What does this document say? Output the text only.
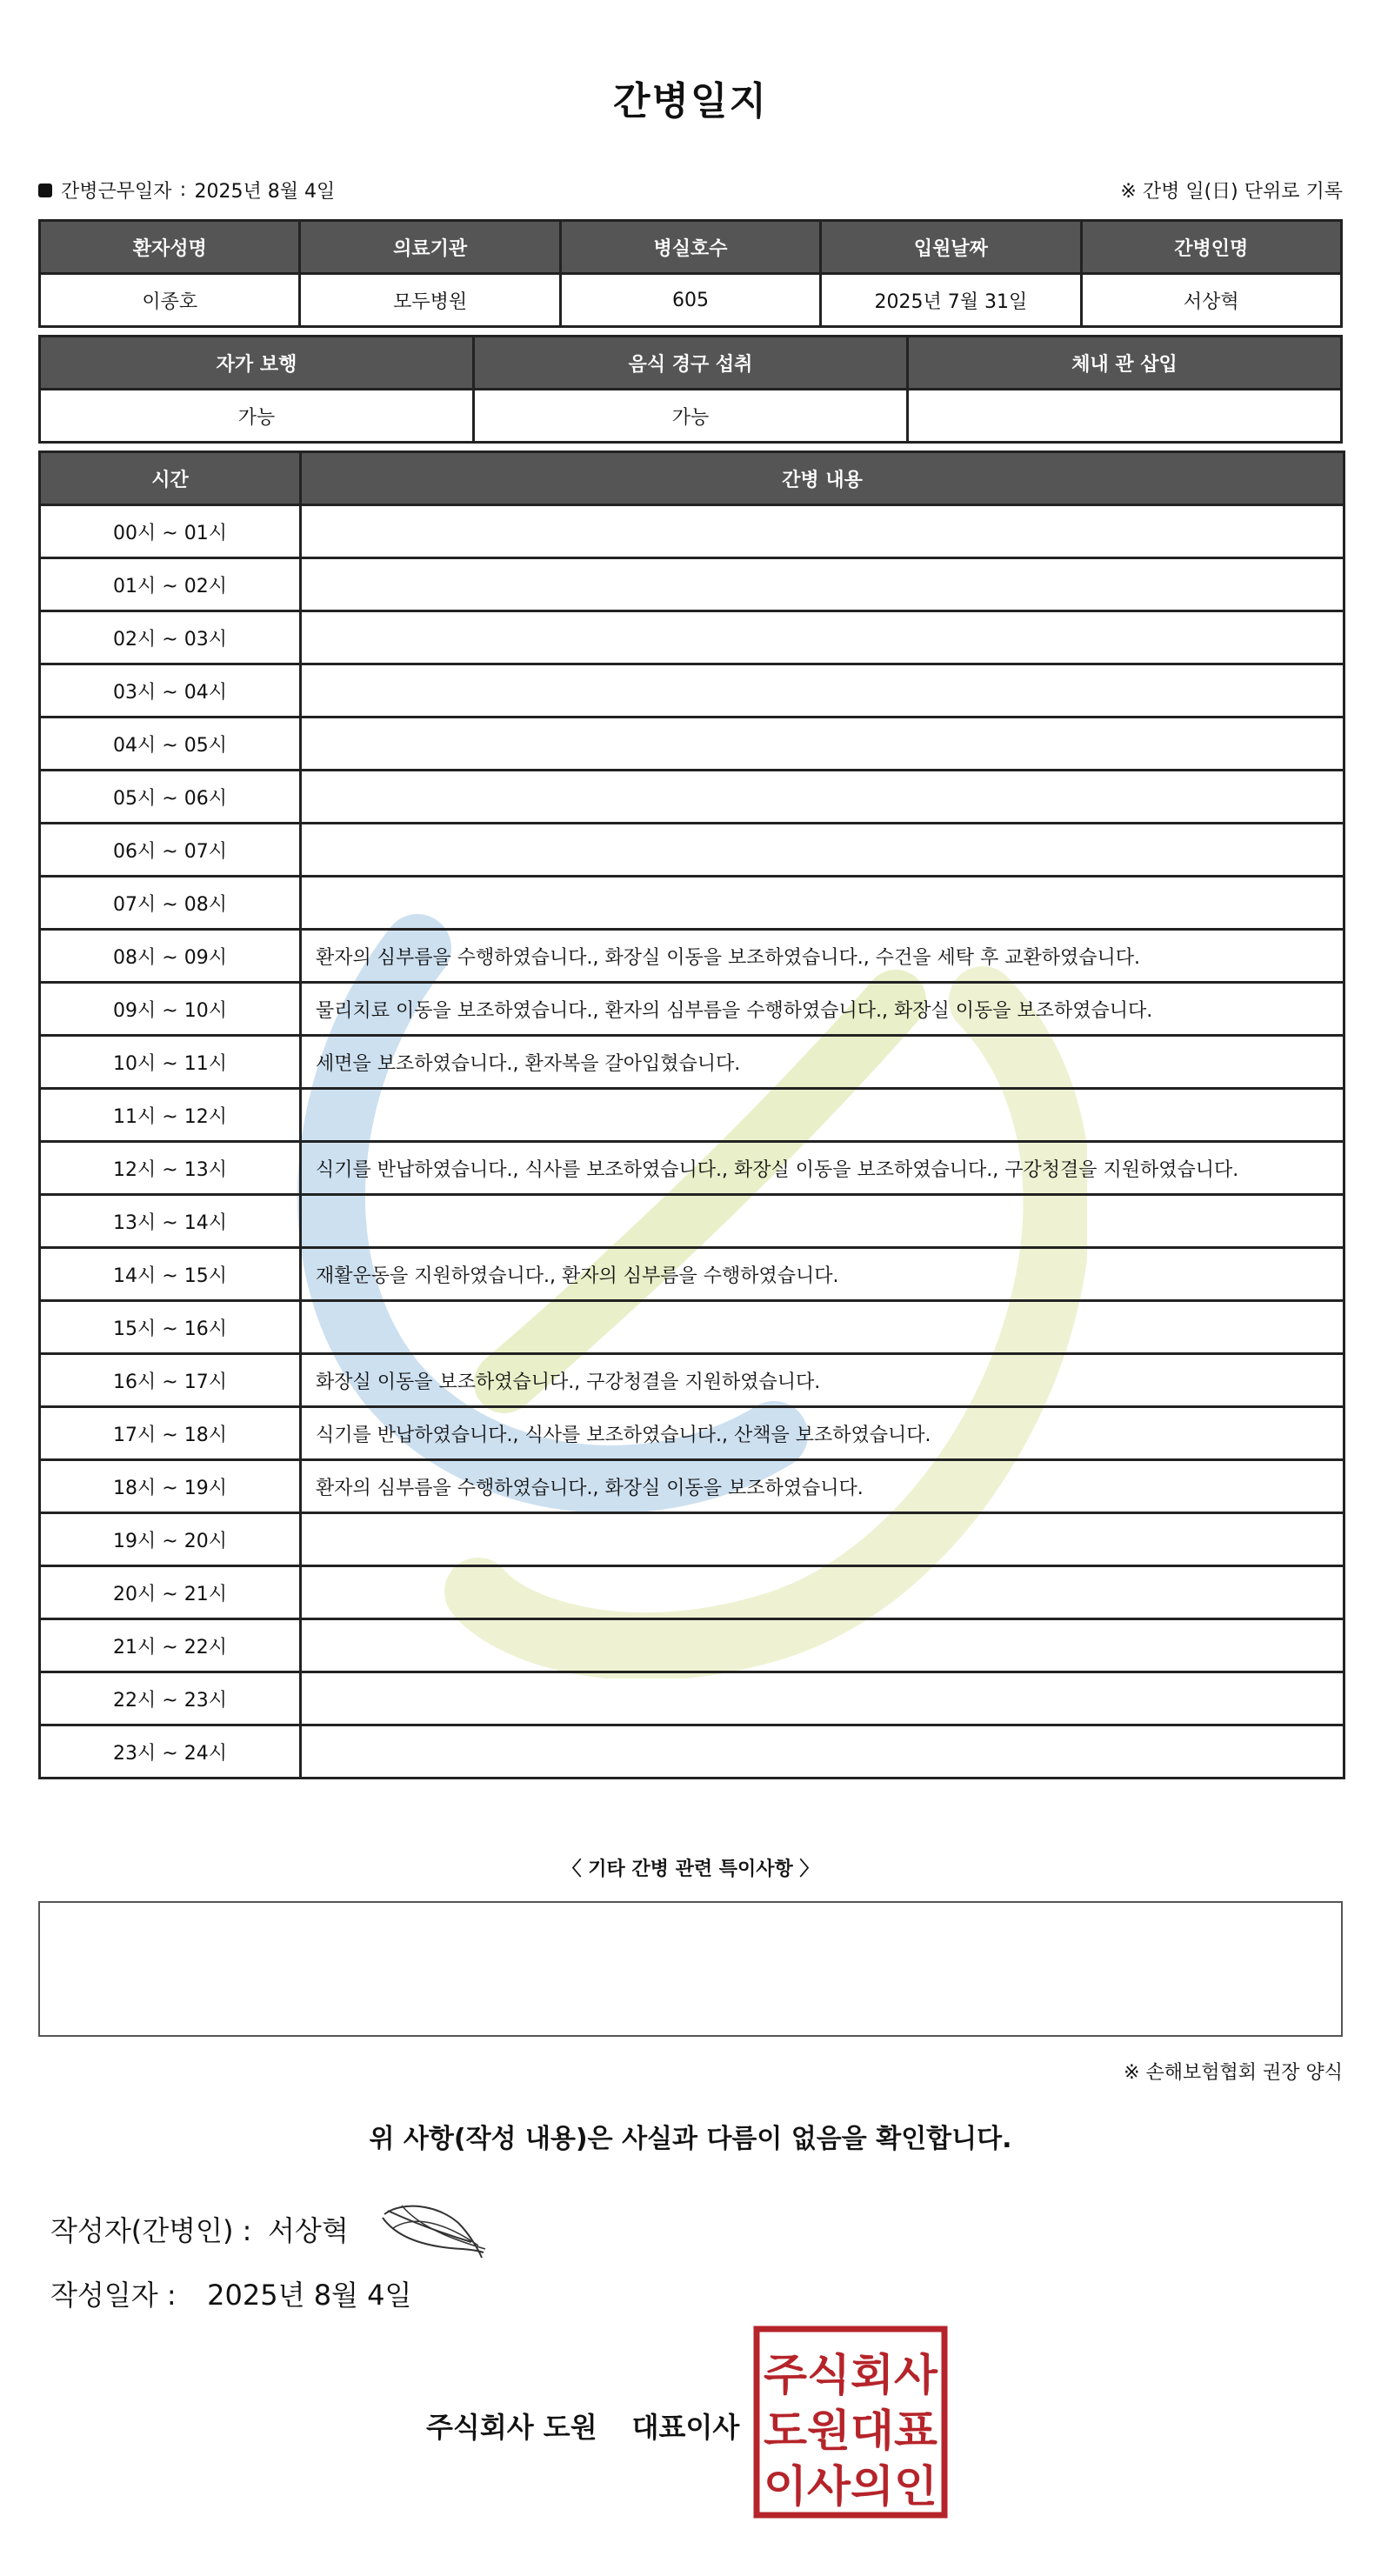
간병일지
간병근무일자 : 2025년 8월 4일	※ 간병 일(日) 단위로 기록
환자성명	의료기관	병실호수	입원날짜	간병인명
이종호	모두병원	605	2025년 7월 31일	서상혁
자가 보행	음식 경구 섭취	체내 관 삽입
가능	가능	
시간	간병 내용
00시 ~ 01시	
01시 ~ 02시	
02시 ~ 03시	
03시 ~ 04시	
04시 ~ 05시	
05시 ~ 06시	
06시 ~ 07시	
07시 ~ 08시	
08시 ~ 09시	환자의 심부름을 수행하였습니다., 화장실 이동을 보조하였습니다., 수건을 세탁 후 교환하였습니다.
09시 ~ 10시	물리치료 이동을 보조하였습니다., 환자의 심부름을 수행하였습니다., 화장실 이동을 보조하였습니다.
10시 ~ 11시	세면을 보조하였습니다., 환자복을 갈아입혔습니다.
11시 ~ 12시	
12시 ~ 13시	식기를 반납하였습니다., 식사를 보조하였습니다., 화장실 이동을 보조하였습니다., 구강청결을 지원하였습니다.
13시 ~ 14시	
14시 ~ 15시	재활운동을 지원하였습니다., 환자의 심부름을 수행하였습니다.
15시 ~ 16시	
16시 ~ 17시	화장실 이동을 보조하였습니다., 구강청결을 지원하였습니다.
17시 ~ 18시	식기를 반납하였습니다., 식사를 보조하였습니다., 산책을 보조하였습니다.
18시 ~ 19시	환자의 심부름을 수행하였습니다., 화장실 이동을 보조하였습니다.
19시 ~ 20시	
20시 ~ 21시	
21시 ~ 22시	
22시 ~ 23시	
23시 ~ 24시	
〈 기타 간병 관련 특이사항 〉
※ 손해보험협회 권장 양식
위 사항(작성 내용)은 사실과 다름이 없음을 확인합니다.
작성자(간병인) : 서상혁
작성일자 : 2025년 8월 4일
주식회사 도원 대표이사
주식회사
도원대표
이사의인
